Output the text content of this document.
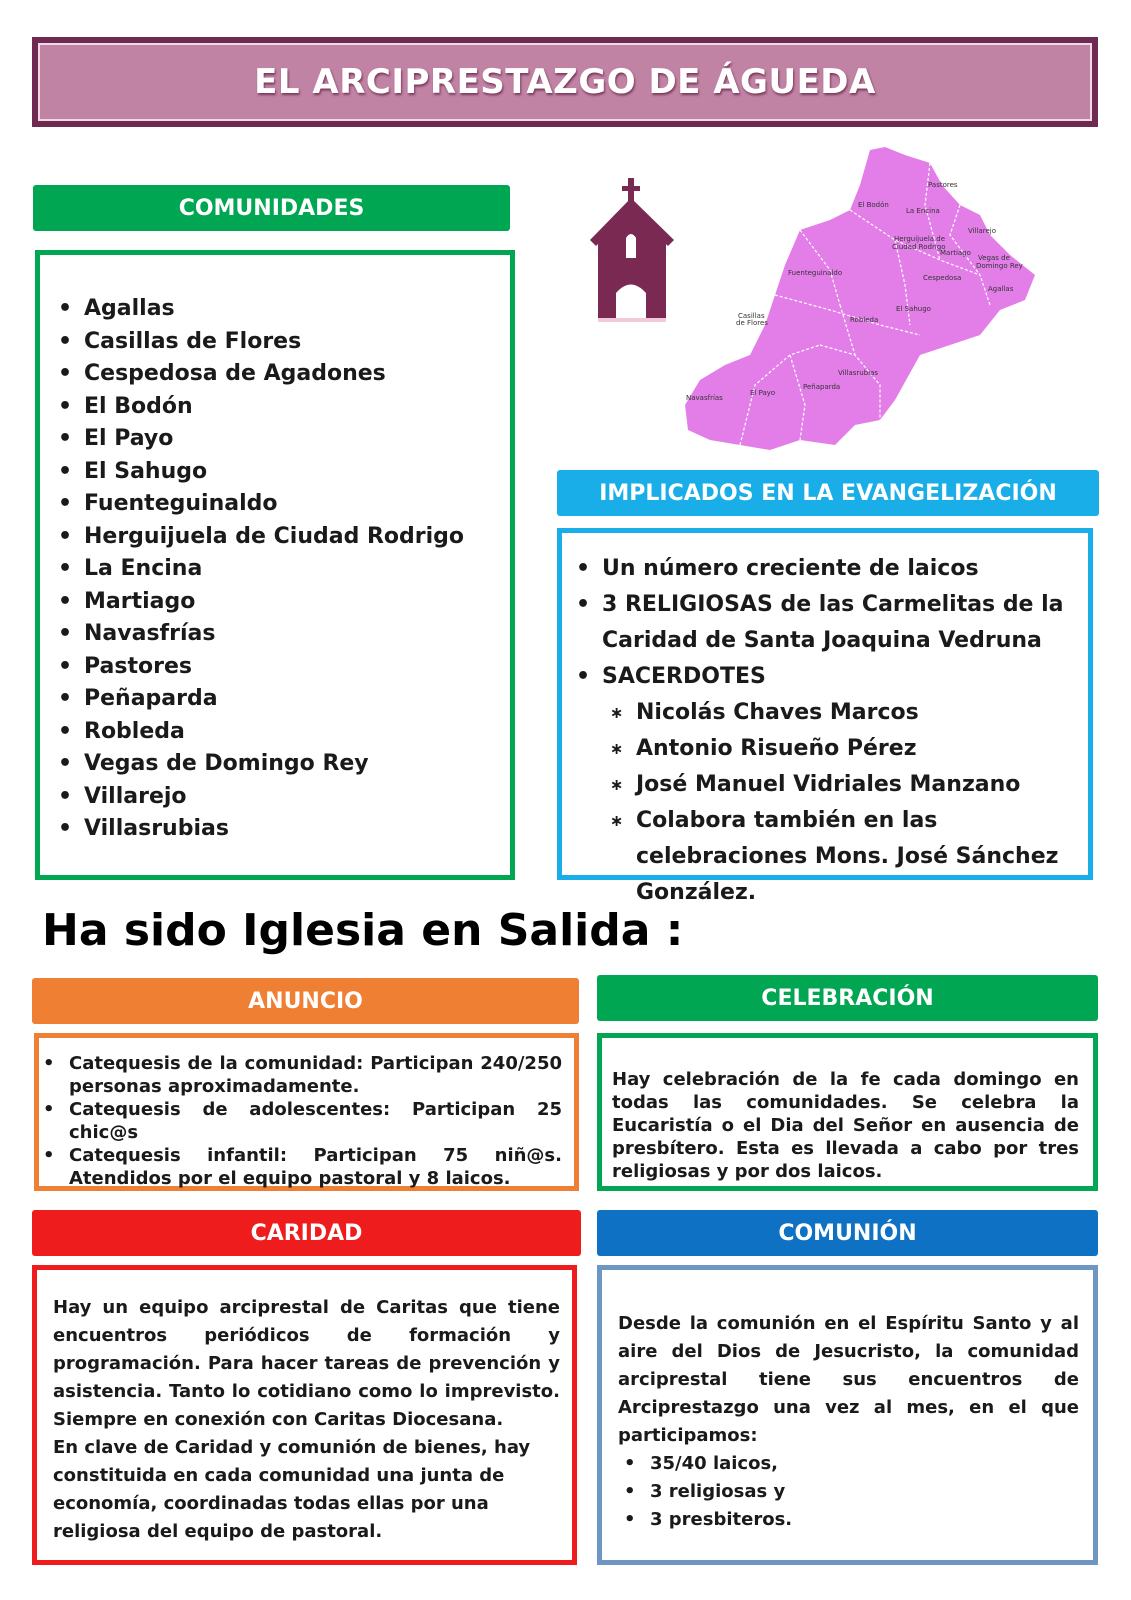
EL ARCIPRESTAZGO DE ÁGUEDA
COMUNIDADES
• Agallas
• Casillas de Flores
• Cespedosa de Agadones
• El Bodón
• El Payo
• El Sahugo
• Fuenteguinaldo
• Herguijuela de Ciudad Rodrigo
• La Encina
• Martiago
• Navasfrías
• Pastores
• Peñaparda
• Robleda
• Vegas de Domingo Rey
• Villarejo
• Villasrubias
Pastores
El Bodón
La Encina
Villarejo
Herguijuela de
Ciudad Rodrigo
Martiago
Vegas de
Domingo Rey
Fuenteguinaldo
Cespedosa
Agallas
Casillas
de Flores
El Sahugo
Robleda
Villasrubias
Peñaparda
Navasfrías
El Payo
IMPLICADOS EN LA EVANGELIZACIÓN
• Un número creciente de laicos
• 3 RELIGIOSAS de las Carmelitas de la Caridad de Santa Joaquina Vedruna
• SACERDOTES
∗ Nicolás Chaves Marcos
∗ Antonio Risueño Pérez
∗ José Manuel Vidriales Manzano
∗ Colabora también en las celebraciones Mons. José Sánchez González.
Ha sido Iglesia en Salida :
ANUNCIO
• Catequesis de la comunidad: Participan 240/250 personas aproximadamente.
• Catequesis de adolescentes: Participan 25 chic@s
• Catequesis infantil: Participan 75 niñ@s. Atendidos por el equipo pastoral y 8 laicos.
CELEBRACIÓN

Hay celebración de la fe cada domingo en todas las comunidades. Se celebra la Eucaristía o el Dia del Señor en ausencia de presbítero. Esta es llevada a cabo por tres religiosas y por dos laicos.

CARIDAD

Hay un equipo arciprestal de Caritas que tiene encuentros periódicos de formación y programación. Para hacer tareas de prevención y asistencia. Tanto lo cotidiano como lo imprevisto. Siempre en conexión con Caritas Diocesana.

En clave de Caridad y comunión de bienes, hay constituida en cada comunidad una junta de economía, coordinadas todas ellas por una religiosa del equipo de pastoral.

COMUNIÓN

Desde la comunión en el Espíritu Santo y al aire del Dios de Jesucristo, la comunidad arciprestal tiene sus encuentros de Arciprestazgo una vez al mes, en el que participamos:

• 35/40 laicos,
• 3 religiosas y
• 3 presbiteros.
